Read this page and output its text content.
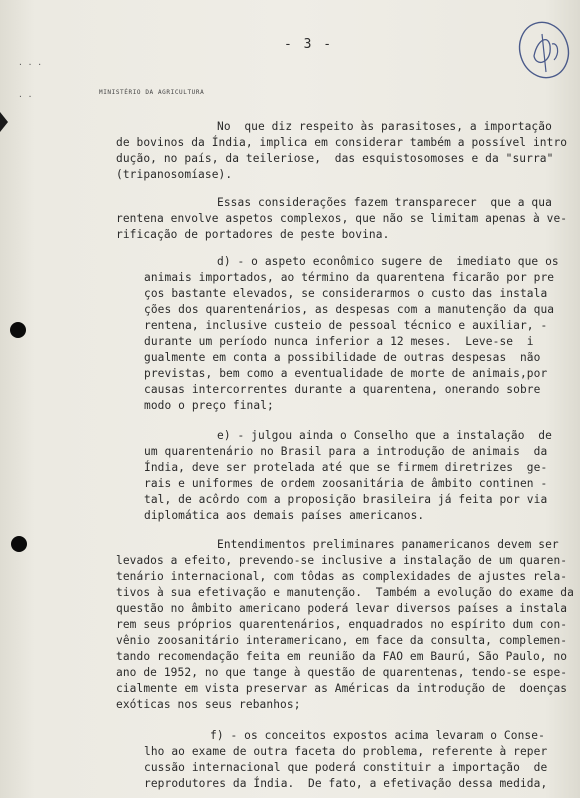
- 3 -
MINISTÉRIO DA AGRICULTURA
. . .
. .
No  que diz respeito às parasitoses, a importação
de bovinos da Índia, implica em considerar também a possível intro
dução, no país, da teileriose,  das esquistosomoses e da "surra"
(tripanosomíase).
Essas considerações fazem transparecer  que a qua
rentena envolve aspetos complexos, que não se limitam apenas à ve-
rificação de portadores de peste bovina.
d) - o aspeto econômico sugere de  imediato que os
animais importados, ao término da quarentena ficarão por pre
ços bastante elevados, se considerarmos o custo das instala
ções dos quarentenários, as despesas com a manutenção da qua
rentena, inclusive custeio de pessoal técnico e auxiliar, -
durante um período nunca inferior a 12 meses.  Leve-se  i
gualmente em conta a possibilidade de outras despesas  não
previstas, bem como a eventualidade de morte de animais,por
causas intercorrentes durante a quarentena, onerando sobre
modo o preço final;
e) - julgou ainda o Conselho que a instalação  de
um quarentenário no Brasil para a introdução de animais  da
Índia, deve ser protelada até que se firmem diretrizes  ge-
rais e uniformes de ordem zoosanitária de âmbito continen -
tal, de acôrdo com a proposição brasileira já feita por via
diplomática aos demais países americanos.
Entendimentos preliminares panamericanos devem ser
levados a efeito, prevendo-se inclusive a instalação de um quaren-
tenário internacional, com tôdas as complexidades de ajustes rela-
tivos à sua efetivação e manutenção.  Também a evolução do exame da
questão no âmbito americano poderá levar diversos países a instala
rem seus próprios quarentenários, enquadrados no espírito dum con-
vênio zoosanitário interamericano, em face da consulta, complemen-
tando recomendação feita em reunião da FAO em Baurú, São Paulo, no
ano de 1952, no que tange à questão de quarentenas, tendo-se espe-
cialmente em vista preservar as Américas da introdução de  doenças
exóticas nos seus rebanhos;
f) - os conceitos expostos acima levaram o Conse-
lho ao exame de outra faceta do problema, referente à reper
cussão internacional que poderá constituir a importação  de
reprodutores da Índia.  De fato, a efetivação dessa medida,
